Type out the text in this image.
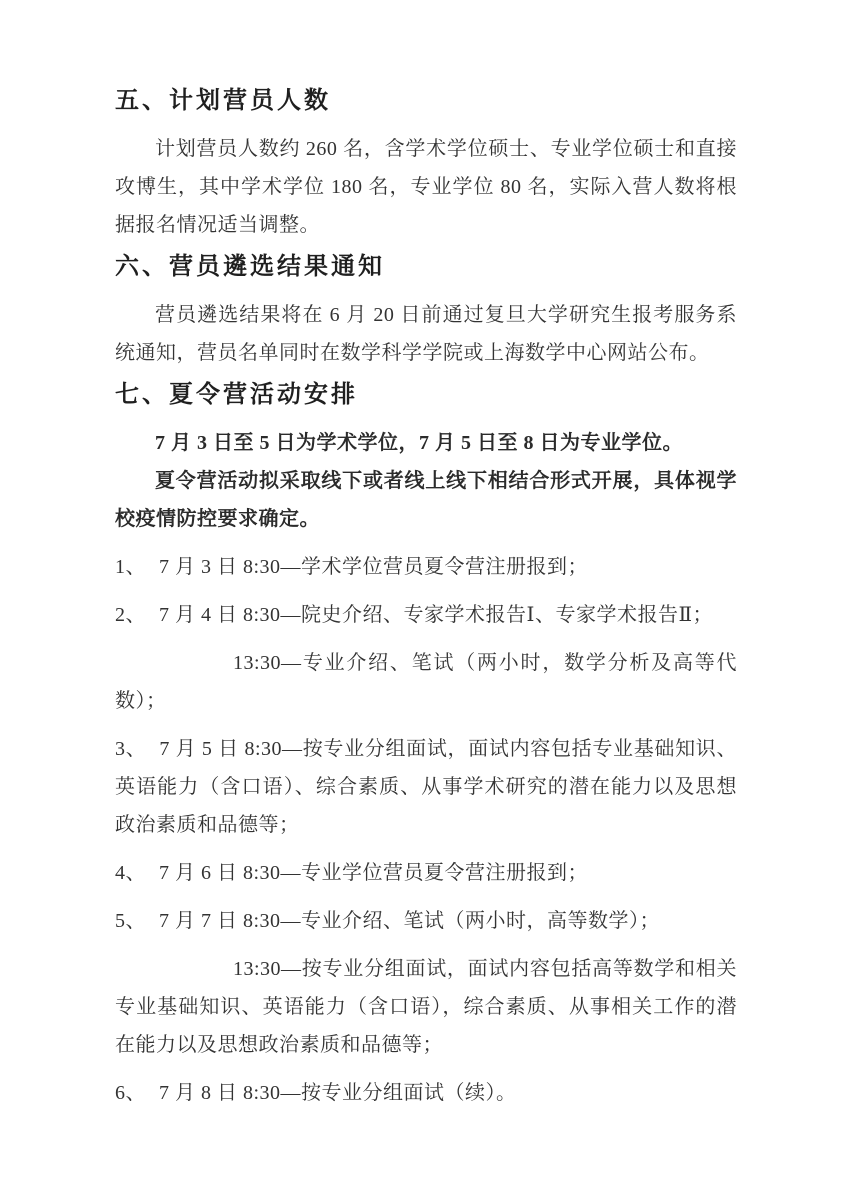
五、计划营员人数

计划营员人数约 260 名，含学术学位硕士、专业学位硕士和直接攻博生，其中学术学位 180 名，专业学位 80 名，实际入营人数将根据报名情况适当调整。

六、营员遴选结果通知

营员遴选结果将在 6 月 20 日前通过复旦大学研究生报考服务系统通知，营员名单同时在数学科学学院或上海数学中心网站公布。

七、夏令营活动安排

7 月 3 日至 5 日为学术学位，7 月 5 日至 8 日为专业学位。

夏令营活动拟采取线下或者线上线下相结合形式开展，具体视学校疫情防控要求确定。

1、 7 月 3 日 8:30—学术学位营员夏令营注册报到；

2、 7 月 4 日 8:30—院史介绍、专家学术报告Ⅰ、专家学术报告Ⅱ；

13:30—专业介绍、笔试（两小时，数学分析及高等代数）；

3、 7 月 5 日 8:30—按专业分组面试，面试内容包括专业基础知识、英语能力（含口语）、综合素质、从事学术研究的潜在能力以及思想政治素质和品德等；

4、 7 月 6 日 8:30—专业学位营员夏令营注册报到；

5、 7 月 7 日 8:30—专业介绍、笔试（两小时，高等数学）；

13:30—按专业分组面试，面试内容包括高等数学和相关专业基础知识、英语能力（含口语），综合素质、从事相关工作的潜在能力以及思想政治素质和品德等；

6、 7 月 8 日 8:30—按专业分组面试（续）。
